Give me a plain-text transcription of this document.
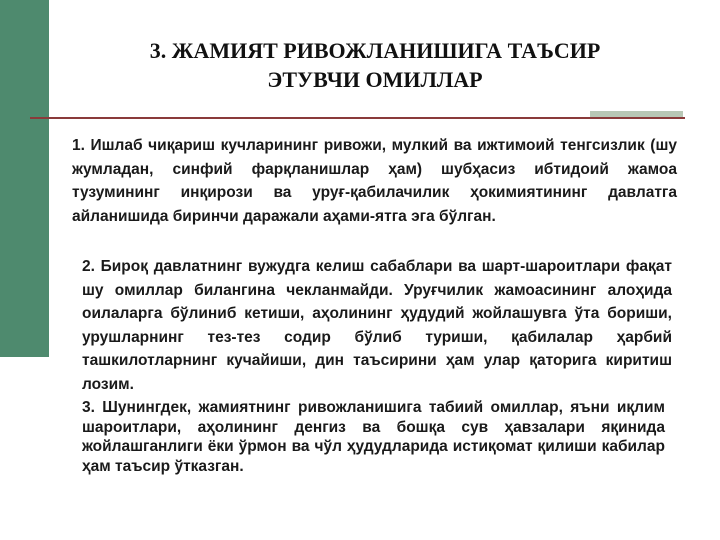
3. ЖАМИЯТ РИВОЖЛАНИШИГА ТАЪСИР
ЭТУВЧИ ОМИЛЛАР

1. Ишлаб чиқариш кучларининг ривожи, мулкий ва ижтимоий тенгсизлик (шу жумладан, синфий фарқланишлар ҳам) шубҳасиз ибтидоий жамоа тузумининг инқирози ва уруғ-қабилачилик ҳокимиятининг давлатга айланишида биринчи даражали аҳами-ятга эга бўлган.

2. Бироқ давлатнинг вужудга келиш сабаблари ва шарт-шароитлари фақат шу омиллар билангина чекланмайди. Уруғчилик жамоасининг алоҳида оилаларга бўлиниб кетиши, аҳолининг ҳудудий жойлашувга ўта бориши, урушларнинг тез-тез содир бўлиб туриши, қабилалар ҳарбий ташкилотларнинг кучайиши, дин таъсирини ҳам улар қаторига киритиш лозим.

3. Шунингдек, жамиятнинг ривожланишига табиий омиллар, яъни иқлим шароитлари, аҳолининг денгиз ва бошқа сув ҳавзалари яқинида жойлашганлиги ёки ўрмон ва чўл ҳудудларида истиқомат қилиши кабилар ҳам таъсир ўтказган.
